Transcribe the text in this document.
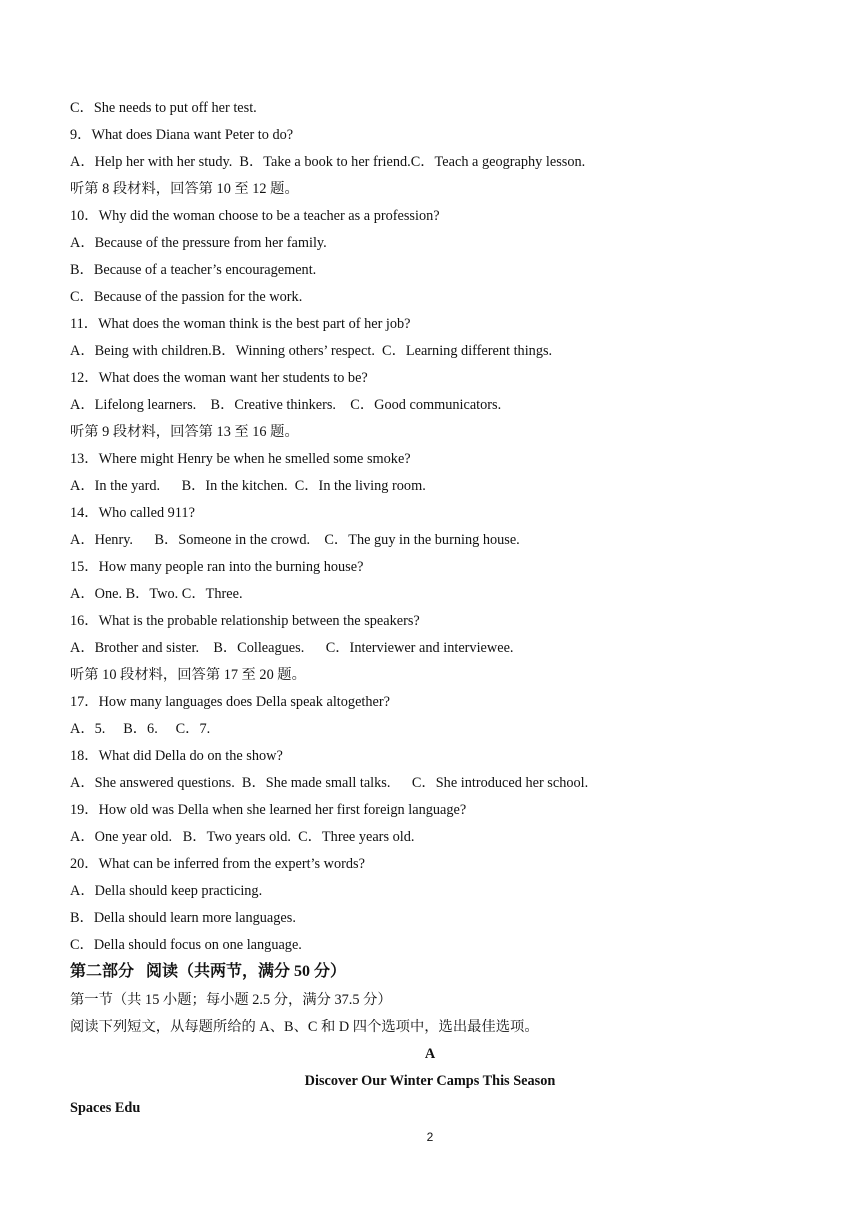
C．She needs to put off her test.
9．What does Diana want Peter to do?
A．Help her with her study.  B．Take a book to her friend.C．Teach a geography lesson.
听第 8 段材料，回答第 10 至 12 题。
10．Why did the woman choose to be a teacher as a profession?
A．Because of the pressure from her family.
B．Because of a teacher’s encouragement.
C．Because of the passion for the work.
11．What does the woman think is the best part of her job?
A．Being with children.B．Winning others’ respect.  C．Learning different things.
12．What does the woman want her students to be?
A．Lifelong learners.    B．Creative thinkers.    C．Good communicators.
听第 9 段材料，回答第 13 至 16 题。
13．Where might Henry be when he smelled some smoke?
A．In the yard.      B．In the kitchen.  C．In the living room.
14．Who called 911?
A．Henry.      B．Someone in the crowd.    C．The guy in the burning house.
15．How many people ran into the burning house?
A．One. B．Two. C．Three.
16．What is the probable relationship between the speakers?
A．Brother and sister.    B．Colleagues.      C．Interviewer and interviewee.
听第 10 段材料，回答第 17 至 20 题。
17．How many languages does Della speak altogether?
A．5.     B．6.     C．7.
18．What did Della do on the show?
A．She answered questions.  B．She made small talks.      C．She introduced her school.
19．How old was Della when she learned her first foreign language?
A．One year old.   B．Two years old.  C．Three years old.
20．What can be inferred from the expert’s words?
A．Della should keep practicing.
B．Della should learn more languages.
C．Della should focus on one language.
第二部分   阅读（共两节，满分 50 分）
第一节（共 15 小题；每小题 2.5 分，满分 37.5 分）
阅读下列短文，从每题所给的 A、B、C 和 D 四个选项中，选出最佳选项。
A
Discover Our Winter Camps This Season
Spaces Edu
2
